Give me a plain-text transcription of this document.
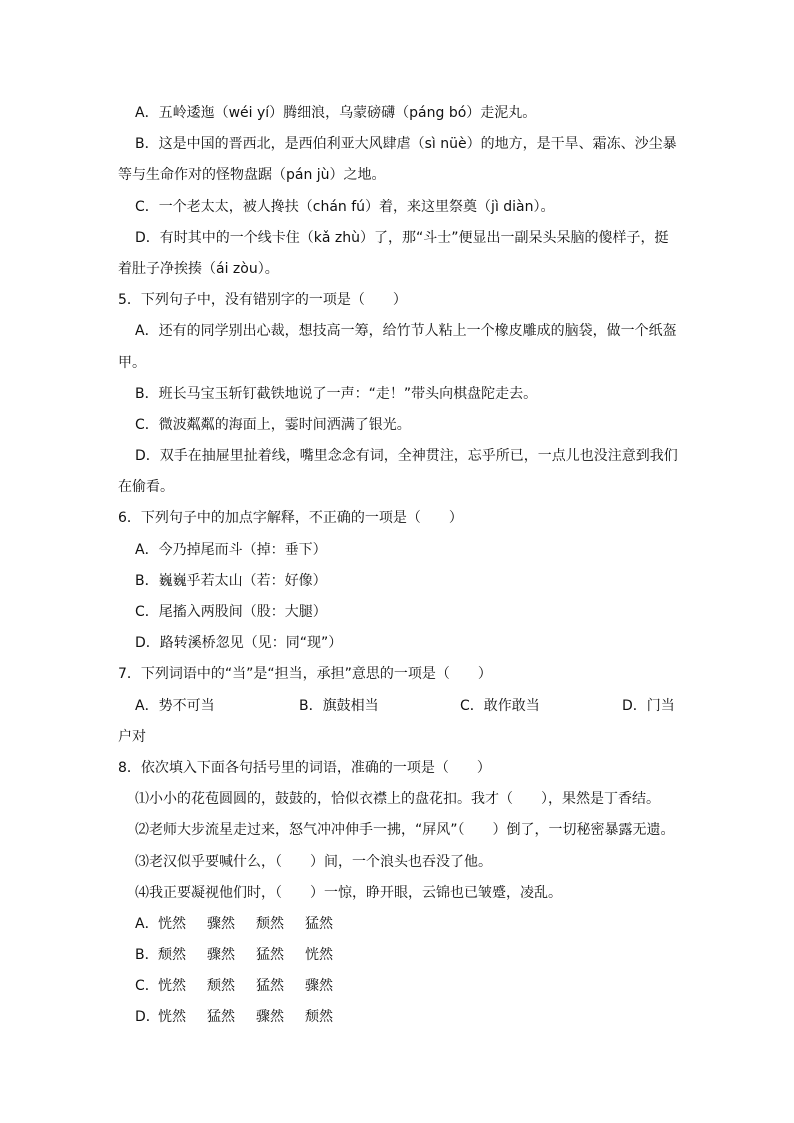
A．五岭逶迤（wéi yí）腾细浪，乌蒙磅礴（páng bó）走泥丸。
B．这是中国的晋西北，是西伯利亚大风肆虐（sì nüè）的地方，是干旱、霜冻、沙尘暴
等与生命作对的怪物盘踞（pán jù）之地。
C．一个老太太，被人搀扶（chán fú）着，来这里祭奠（jì diàn）。
D．有时其中的一个线卡住（kǎ zhù）了，那“斗士”便显出一副呆头呆脑的傻样子，挺
着肚子净挨揍（ái zòu）。
5．下列句子中，没有错别字的一项是（　　）
A．还有的同学别出心裁，想技高一筹，给竹节人粘上一个橡皮雕成的脑袋，做一个纸盔
甲。
B．班长马宝玉斩钉截铁地说了一声：“走！”带头向棋盘陀走去。
C．微波粼粼的海面上，霎时间洒满了银光。
D．双手在抽屉里扯着线，嘴里念念有词，全神贯注，忘乎所已，一点儿也没注意到我们
在偷看。
6．下列句子中的加点字解释，不正确的一项是（　　）
A．今乃掉尾而斗（掉：垂下）
B．巍巍乎若太山（若：好像）
C．尾搐入两股间（股：大腿）
D．路转溪桥忽见（见：同“现”）
7．下列词语中的“当”是“担当，承担”意思的一项是（　　）
A．势不可当	B．旗鼓相当	C．敢作敢当	D．门当
户对
8．依次填入下面各句括号里的词语，准确的一项是（　　）
⑴小小的花苞圆圆的，鼓鼓的，恰似衣襟上的盘花扣。我才（　　），果然是丁香结。
⑵老师大步流星走过来，怒气冲冲伸手一拂，“屏风”（　　）倒了，一切秘密暴露无遗。
⑶老汉似乎要喊什么，（　　）间，一个浪头也吞没了他。
⑷我正要凝视他们时，（　　）一惊，睁开眼，云锦也已皱蹙，凌乱。
A． 恍然 骤然 颓然 猛然
B． 颓然 骤然 猛然 恍然
C． 恍然 颓然 猛然 骤然
D．
恍然 猛然 骤然 颓然
